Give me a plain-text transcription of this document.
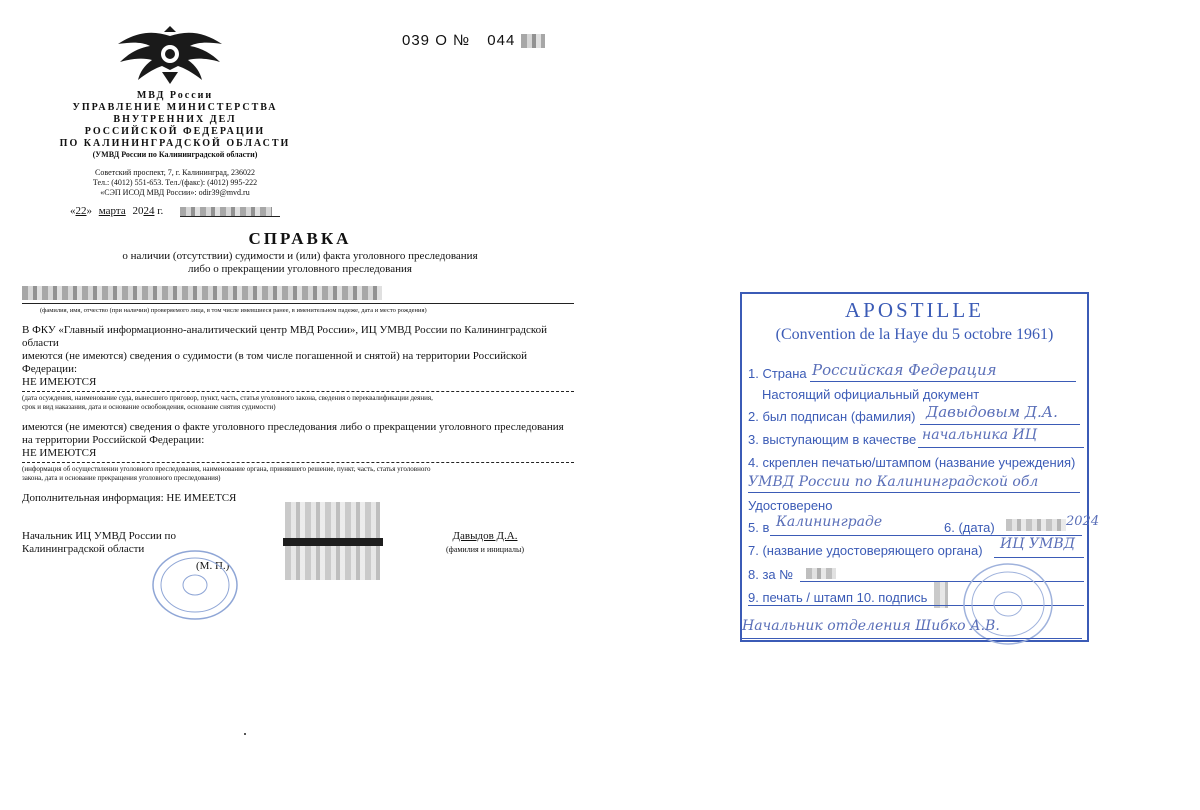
039 О № 044
МВД России
УПРАВЛЕНИЕ МИНИСТЕРСТВА
ВНУТРЕННИХ ДЕЛ
РОССИЙСКОЙ ФЕДЕРАЦИИ
ПО КАЛИНИНГРАДСКОЙ ОБЛАСТИ
(УМВД России по Калининградской области)
Советский проспект, 7, г. Калининград, 236022
Тел.: (4012) 551-653. Тел./(факс): (4012) 995-222
«СЭП ИСОД МВД России»: odir39@mvd.ru
«22» марта 2024 г.
СПРАВКА
о наличии (отсутствии) судимости и (или) факта уголовного преследования
либо о прекращении уголовного преследования
(фамилия, имя, отчество (при наличии) проверяемого лица, в том числе имевшиеся ранее, в именительном падеже, дата и место рождения)
В ФКУ «Главный информационно-аналитический центр МВД России», ИЦ УМВД России по Калининградской
области
имеются (не имеются) сведения о судимости (в том числе погашенной и снятой) на территории Российской
Федерации:
НЕ ИМЕЮТСЯ
(дата осуждения, наименование суда, вынесшего приговор, пункт, часть, статья уголовного закона, сведения о переквалификации деяния,
срок и вид наказания, дата и основание освобождения, основание снятия судимости)
имеются (не имеются) сведения о факте уголовного преследования либо о прекращении уголовного преследования
на территории Российской Федерации:
НЕ ИМЕЮТСЯ
(информация об осуществлении уголовного преследования, наименование органа, принявшего решение, пункт, часть, статья уголовного
закона, дата и основание прекращения уголовного преследования)
Дополнительная информация: НЕ ИМЕЕТСЯ
Начальник ИЦ УМВД России по
Калининградской области
(М. П.)
Давыдов Д.А.
(фамилия и инициалы)
APOSTILLE
(Convention de la Haye du 5 octobre 1961)
1. Страна Российская Федерация
Настоящий официальный документ
2. был подписан (фамилия) Давыдовым Д.А.
3. выступающим в качестве начальника ИЦ
4. скреплен печатью/штампом (название учреждения)
УМВД России по Калининградской обл
Удостоверено
5. в Калининграде	6. (дата)	2024
7. (название удостоверяющего органа) ИЦ УМВД
8. за №
9. печать / штамп 10. подпись
Начальник отделения Шибко А.В.
